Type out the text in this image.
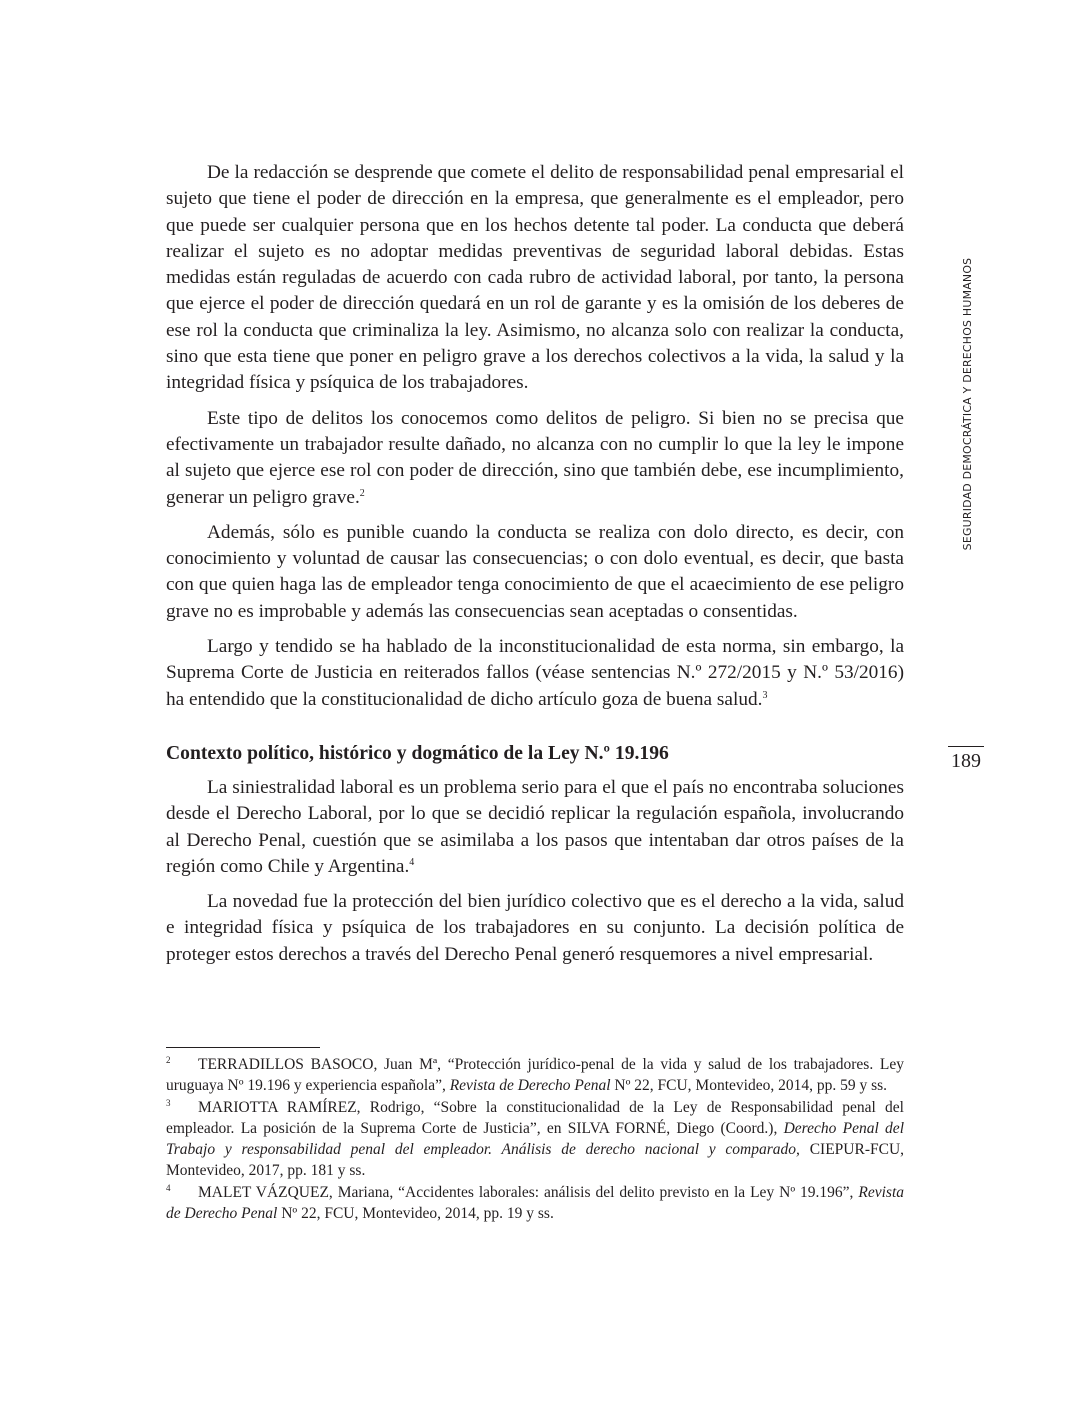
SEGURIDAD DEMOCRÁTICA Y DERECHOS HUMANOS
189

De la redacción se desprende que comete el delito de responsabilidad penal empresarial el sujeto que tiene el poder de dirección en la empresa, que generalmente es el empleador, pero que puede ser cualquier persona que en los hechos detente tal poder. La conducta que deberá realizar el sujeto es no adoptar medidas preventivas de seguridad laboral debidas. Estas medidas están reguladas de acuerdo con cada rubro de actividad laboral, por tanto, la persona que ejerce el poder de dirección quedará en un rol de garante y es la omisión de los deberes de ese rol la conducta que criminaliza la ley. Asimismo, no alcanza solo con realizar la conducta, sino que esta tiene que poner en peligro grave a los derechos colectivos a la vida, la salud y la integridad física y psíquica de los trabajadores.

Este tipo de delitos los conocemos como delitos de peligro. Si bien no se precisa que efectivamente un trabajador resulte dañado, no alcanza con no cumplir lo que la ley le impone al sujeto que ejerce ese rol con poder de dirección, sino que también debe, ese incumplimiento, generar un peligro grave.$^2$

Además, sólo es punible cuando la conducta se realiza con dolo directo, es decir, con conocimiento y voluntad de causar las consecuencias; o con dolo eventual, es decir, que basta con que quien haga las de empleador tenga conocimiento de que el acaecimiento de ese peligro grave no es improbable y además las consecuencias sean aceptadas o consentidas.

Largo y tendido se ha hablado de la inconstitucionalidad de esta norma, sin embargo, la Suprema Corte de Justicia en reiterados fallos (véase sentencias N.º 272/2015 y N.º 53/2016) ha entendido que la constitucionalidad de dicho artículo goza de buena salud.$^3$

Contexto político, histórico y dogmático de la Ley N.º 19.196

La siniestralidad laboral es un problema serio para el que el país no encontraba soluciones desde el Derecho Laboral, por lo que se decidió replicar la regulación española, involucrando al Derecho Penal, cuestión que se asimilaba a los pasos que intentaban dar otros países de la región como Chile y Argentina.$^4$

La novedad fue la protección del bien jurídico colectivo que es el derecho a la vida, salud e integridad física y psíquica de los trabajadores en su conjunto. La decisión política de proteger estos derechos a través del Derecho Penal generó resquemores a nivel empresarial.

2 TERRADILLOS BASOCO, Juan Mª, “Protección jurídico-penal de la vida y salud de los trabajadores. Ley uruguaya Nº 19.196 y experiencia española”, Revista de Derecho Penal Nº 22, FCU, Montevideo, 2014, pp. 59 y ss.
3 MARIOTTA RAMÍREZ, Rodrigo, “Sobre la constitucionalidad de la Ley de Responsabilidad penal del empleador. La posición de la Suprema Corte de Justicia”, en SILVA FORNÉ, Diego (Coord.), Derecho Penal del Trabajo y responsabilidad penal del empleador. Análisis de derecho nacional y comparado, CIEPUR-FCU, Montevideo, 2017, pp. 181 y ss.
4 MALET VÁZQUEZ, Mariana, “Accidentes laborales: análisis del delito previsto en la Ley Nº 19.196”, Revista de Derecho Penal Nº 22, FCU, Montevideo, 2014, pp. 19 y ss.
